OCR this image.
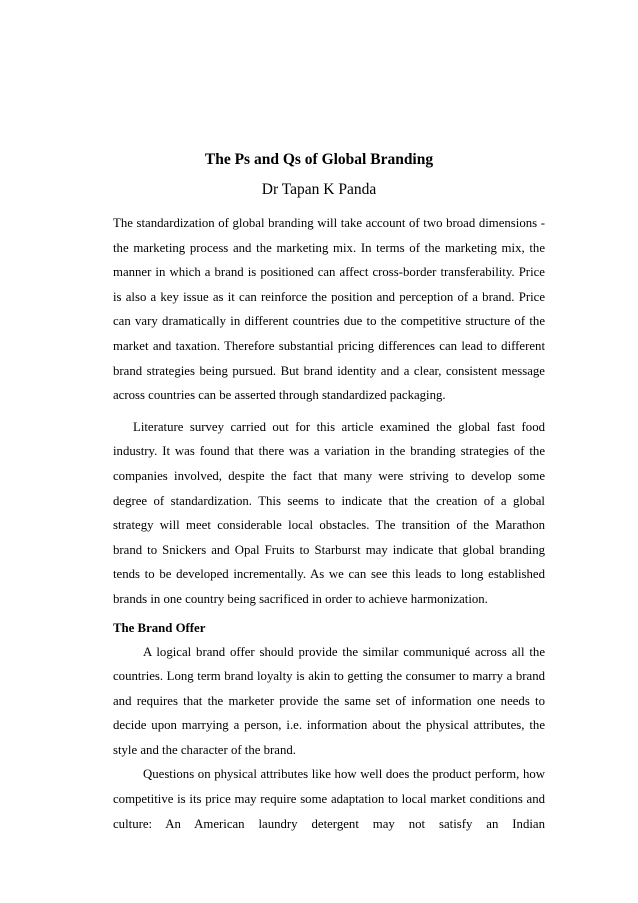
The Ps and Qs of Global Branding
Dr Tapan K Panda

The standardization of global branding will take account of two broad dimensions - the marketing process and the marketing mix. In terms of the marketing mix, the manner in which a brand is positioned can affect cross-border transferability. Price is also a key issue as it can reinforce the position and perception of a brand. Price can vary dramatically in different countries due to the competitive structure of the market and taxation. Therefore substantial pricing differences can lead to different brand strategies being pursued. But brand identity and a clear, consistent message across countries can be asserted through standardized packaging.

Literature survey carried out for this article examined the global fast food industry. It was found that there was a variation in the branding strategies of the companies involved, despite the fact that many were striving to develop some degree of standardization. This seems to indicate that the creation of a global strategy will meet considerable local obstacles. The transition of the Marathon brand to Snickers and Opal Fruits to Starburst may indicate that global branding tends to be developed incrementally. As we can see this leads to long established brands in one country being sacrificed in order to achieve harmonization.

The Brand Offer

A logical brand offer should provide the similar communiqué across all the countries. Long term brand loyalty is akin to getting the consumer to marry a brand and requires that the marketer provide the same set of information one needs to decide upon marrying a person, i.e. information about the physical attributes, the style and the character of the brand.

Questions on physical attributes like how well does the product perform, how competitive is its price may require some adaptation to local market conditions and culture: An American laundry detergent may not satisfy an Indian
